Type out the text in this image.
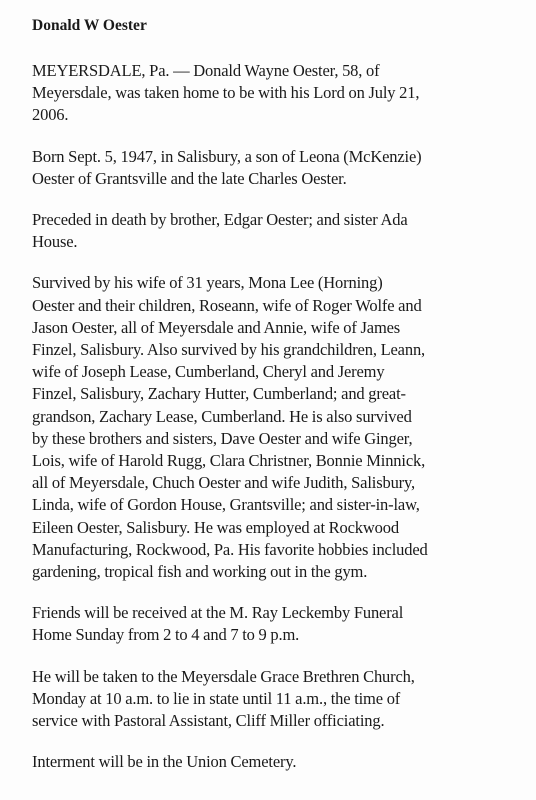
Donald W Oester
MEYERSDALE, Pa. — Donald Wayne Oester, 58, of
Meyersdale, was taken home to be with his Lord on July 21,
2006.
Born Sept. 5, 1947, in Salisbury, a son of Leona (McKenzie)
Oester of Grantsville and the late Charles Oester.
Preceded in death by brother, Edgar Oester; and sister Ada
House.
Survived by his wife of 31 years, Mona Lee (Horning)
Oester and their children, Roseann, wife of Roger Wolfe and
Jason Oester, all of Meyersdale and Annie, wife of James
Finzel, Salisbury. Also survived by his grandchildren, Leann,
wife of Joseph Lease, Cumberland, Cheryl and Jeremy
Finzel, Salisbury, Zachary Hutter, Cumberland; and great-
grandson, Zachary Lease, Cumberland. He is also survived
by these brothers and sisters, Dave Oester and wife Ginger,
Lois, wife of Harold Rugg, Clara Christner, Bonnie Minnick,
all of Meyersdale, Chuch Oester and wife Judith, Salisbury,
Linda, wife of Gordon House, Grantsville; and sister-in-law,
Eileen Oester, Salisbury. He was employed at Rockwood
Manufacturing, Rockwood, Pa. His favorite hobbies included
gardening, tropical fish and working out in the gym.
Friends will be received at the M. Ray Leckemby Funeral
Home Sunday from 2 to 4 and 7 to 9 p.m.
He will be taken to the Meyersdale Grace Brethren Church,
Monday at 10 a.m. to lie in state until 11 a.m., the time of
service with Pastoral Assistant, Cliff Miller officiating.
Interment will be in the Union Cemetery.
